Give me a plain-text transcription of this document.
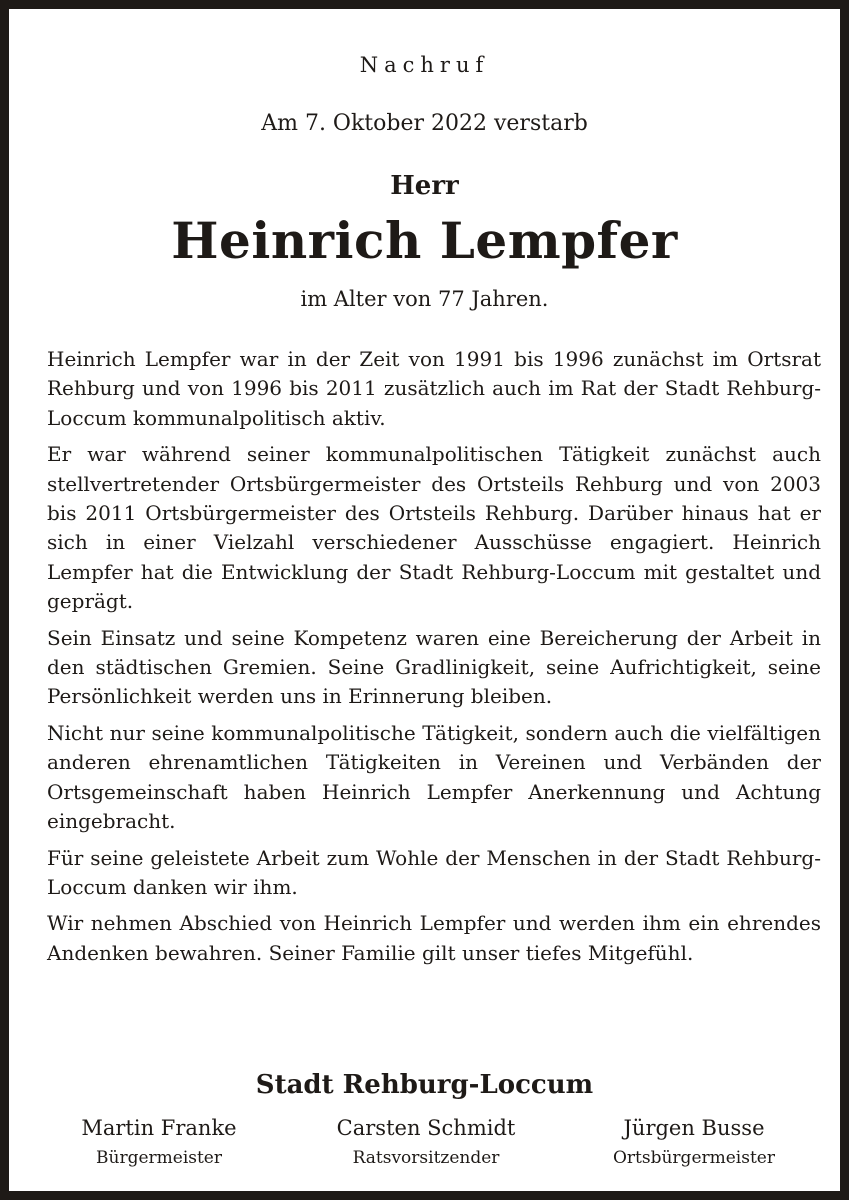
Nachruf
Am 7. Oktober 2022 verstarb
Herr
Heinrich Lempfer
im Alter von 77 Jahren.

Heinrich Lempfer war in der Zeit von 1991 bis 1996 zunächst im Ortsrat Rehburg und von 1996 bis 2011 zusätzlich auch im Rat der Stadt Rehburg-Loccum kommunalpolitisch aktiv.

Er war während seiner kommunalpolitischen Tätigkeit zunächst auch stellvertretender Ortsbürgermeister des Ortsteils Rehburg und von 2003 bis 2011 Ortsbürgermeister des Ortsteils Rehburg. Darüber hinaus hat er sich in einer Vielzahl verschiedener Ausschüsse engagiert. Heinrich Lempfer hat die Entwicklung der Stadt Rehburg-Loccum mit gestaltet und geprägt.

Sein Einsatz und seine Kompetenz waren eine Bereicherung der Arbeit in den städtischen Gremien. Seine Gradlinigkeit, seine Aufrichtigkeit, seine Persönlichkeit werden uns in Erinnerung bleiben.

Nicht nur seine kommunalpolitische Tätigkeit, sondern auch die vielfältigen anderen ehrenamtlichen Tätigkeiten in Vereinen und Verbänden der Ortsgemeinschaft haben Heinrich Lempfer Anerkennung und Achtung eingebracht.

Für seine geleistete Arbeit zum Wohle der Menschen in der Stadt Rehburg-Loccum danken wir ihm.

Wir nehmen Abschied von Heinrich Lempfer und werden ihm ein ehrendes Andenken bewahren. Seiner Familie gilt unser tiefes Mitgefühl.

Stadt Rehburg-Loccum
Martin Franke
Bürgermeister
Carsten Schmidt
Ratsvorsitzender
Jürgen Busse
Ortsbürgermeister
